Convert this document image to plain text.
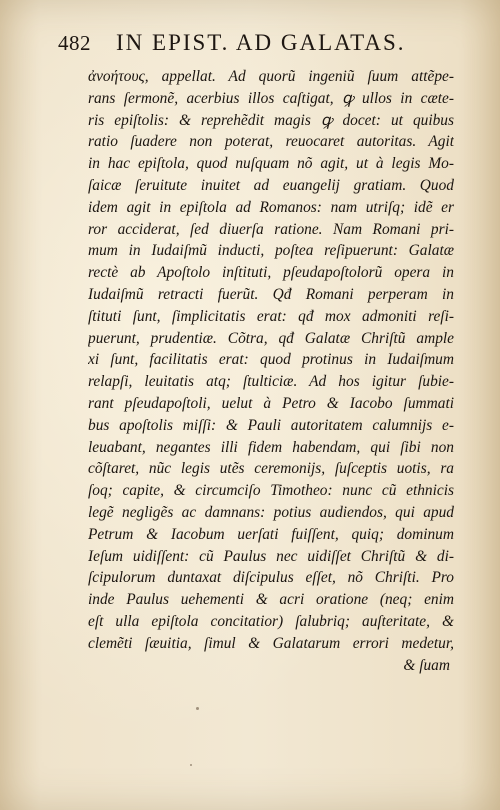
482	IN EPIST. AD GALATAS.
ἀνοήτους, appellat. Ad quorũ ingeniũ ſuum attẽpe-
rans ſermonẽ, acerbius illos caſtigat, ꝙ ullos in cæte-
ris epiſtolis: & reprehẽdit magis ꝙ docet: ut quibus
ratio ſuadere non poterat, reuocaret autoritas. Agit
in hac epiſtola, quod nuſquam nõ agit, ut à legis Mo-
ſaicæ ſeruitute inuitet ad euangelij gratiam. Quod
idem agit in epiſtola ad Romanos: nam utriſq; idẽ er
ror acciderat, ſed diuerſa ratione. Nam Romani pri-
mum in Iudaiſmũ inducti, poſtea reſipuerunt: Galatæ
rectè ab Apoſtolo inſtituti, pſeudapoſtolorũ opera in
Iudaiſmũ retracti fuerũt. Qđ Romani perperam in
ſtituti ſunt, ſimplicitatis erat: qđ mox admoniti reſi-
puerunt, prudentiæ. Cõtra, qđ Galatæ Chriſtũ ample
xi ſunt, facilitatis erat: quod protinus in Iudaiſmum
relapſi, leuitatis atq; ſtulticiæ. Ad hos igitur ſubie-
rant pſeudapoſtoli, uelut à Petro & Iacobo ſummati
bus apoſtolis miſſi: & Pauli autoritatem calumnijs e-
leuabant, negantes illi fidem habendam, qui ſibi non
cõſtaret, nũc legis utẽs ceremonijs, ſuſceptis uotis, ra
ſoq; capite, & circumciſo Timotheo: nunc cũ ethnicis
legẽ negligẽs ac damnans: potius audiendos, qui apud
Petrum & Iacobum uerſati fuiſſent, quiq; dominum
Ieſum uidiſſent: cũ Paulus nec uidiſſet Chriſtũ & di-
ſcipulorum duntaxat diſcipulus eſſet, nõ Chriſti. Pro
inde Paulus uehementi & acri oratione (neq; enim
eſt ulla epiſtola concitatior) ſalubriq; auſteritate, &
clemẽti ſæuitia, ſimul & Galatarum errori medetur,
& ſuam
